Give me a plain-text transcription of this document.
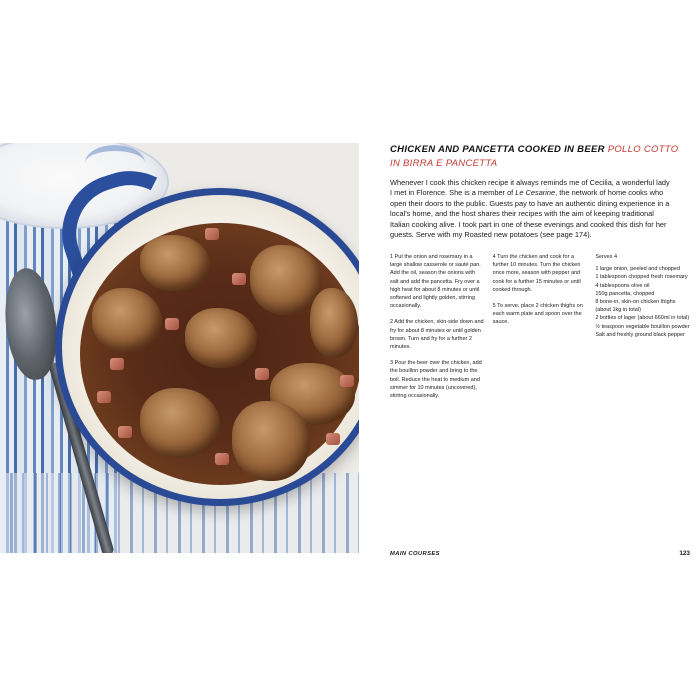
CHICKEN AND PANCETTA COOKED IN BEER POLLO COTTO IN BIRRA E PANCETTA

Whenever I cook this chicken recipe it always reminds me of Cecilia, a wonderful lady I met in Florence. She is a member of Le Cesarine, the network of home cooks who open their doors to the public. Guests pay to have an authentic dining experience in a local's home, and the host shares their recipes with the aim of keeping traditional Italian cooking alive. I took part in one of these evenings and cooked this dish for her guests. Serve with my Roasted new potatoes (see page 174).

1 Put the onion and rosemary in a large shallow casserole or sauté pan. Add the oil, season the onions with salt and add the pancetta. Fry over a high heat for about 8 minutes or until softened and lightly golden, stirring occasionally.

2 Add the chicken, skin-side down and fry for about 8 minutes or until golden brown. Turn and fry for a further 2 minutes.

3 Pour the beer over the chicken, add the bouillon powder and bring to the boil. Reduce the heat to medium and simmer for 10 minutes (uncovered), stirring occasionally.

4 Turn the chicken and cook for a further 10 minutes. Turn the chicken once more, season with pepper and cook for a further 15 minutes or until cooked through.

5 To serve, place 2 chicken thighs on each warm plate and spoon over the sauce.

Serves 4

1 large onion, peeled and chopped

1 tablespoon chopped fresh rosemary

4 tablespoons olive oil

150g pancetta, chopped

8 bone-in, skin-on chicken thighs (about 1kg in total)

2 bottles of lager (about 660ml in total)

½ teaspoon vegetable bouillon powder

Salt and freshly ground black pepper

MAIN COURSES	123
